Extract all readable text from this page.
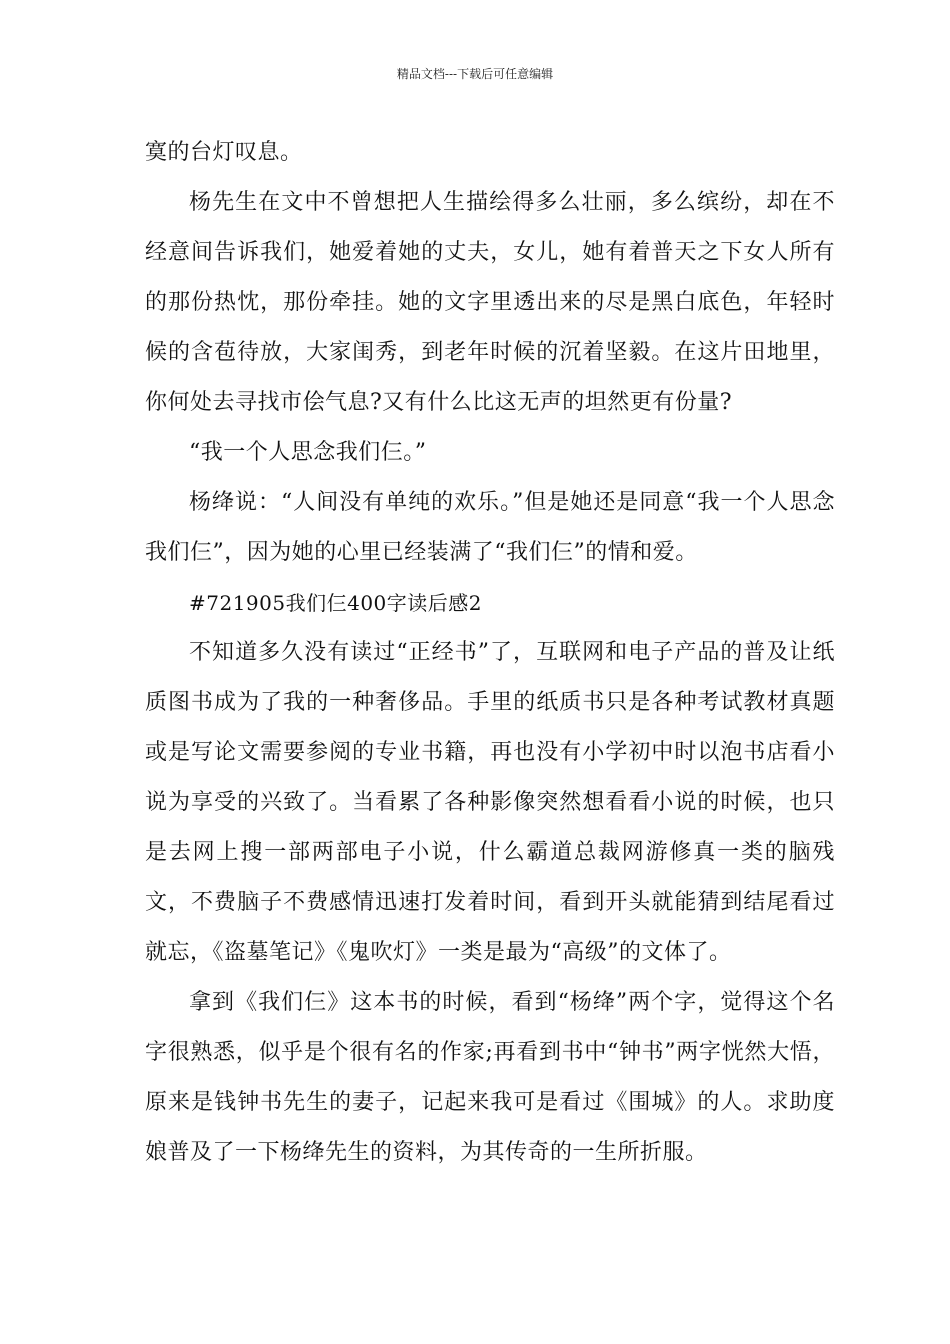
精品文档---下载后可任意编辑

寞的台灯叹息。

杨先生在文中不曾想把人生描绘得多么壮丽，多么缤纷，却在不经意间告诉我们，她爱着她的丈夫，女儿，她有着普天之下女人所有的那份热忱，那份牵挂。她的文字里透出来的尽是黑白底色，年轻时候的含苞待放，大家闺秀，到老年时候的沉着坚毅。在这片田地里，你何处去寻找市侩气息?又有什么比这无声的坦然更有份量?

“我一个人思念我们仨。”

杨绛说：“人间没有单纯的欢乐。”但是她还是同意“我一个人思念我们仨”，因为她的心里已经装满了“我们仨”的情和爱。

#721905我们仨400字读后感2

不知道多久没有读过“正经书”了，互联网和电子产品的普及让纸质图书成为了我的一种奢侈品。手里的纸质书只是各种考试教材真题或是写论文需要参阅的专业书籍，再也没有小学初中时以泡书店看小说为享受的兴致了。当看累了各种影像突然想看看小说的时候，也只是去网上搜一部两部电子小说，什么霸道总裁网游修真一类的脑残文，不费脑子不费感情迅速打发着时间，看到开头就能猜到结尾看过就忘，《盗墓笔记》《鬼吹灯》一类是最为“高级”的文体了。

拿到《我们仨》这本书的时候，看到“杨绛”两个字，觉得这个名字很熟悉，似乎是个很有名的作家;再看到书中“钟书”两字恍然大悟，原来是钱钟书先生的妻子，记起来我可是看过《围城》的人。求助度娘普及了一下杨绛先生的资料，为其传奇的一生所折服。
